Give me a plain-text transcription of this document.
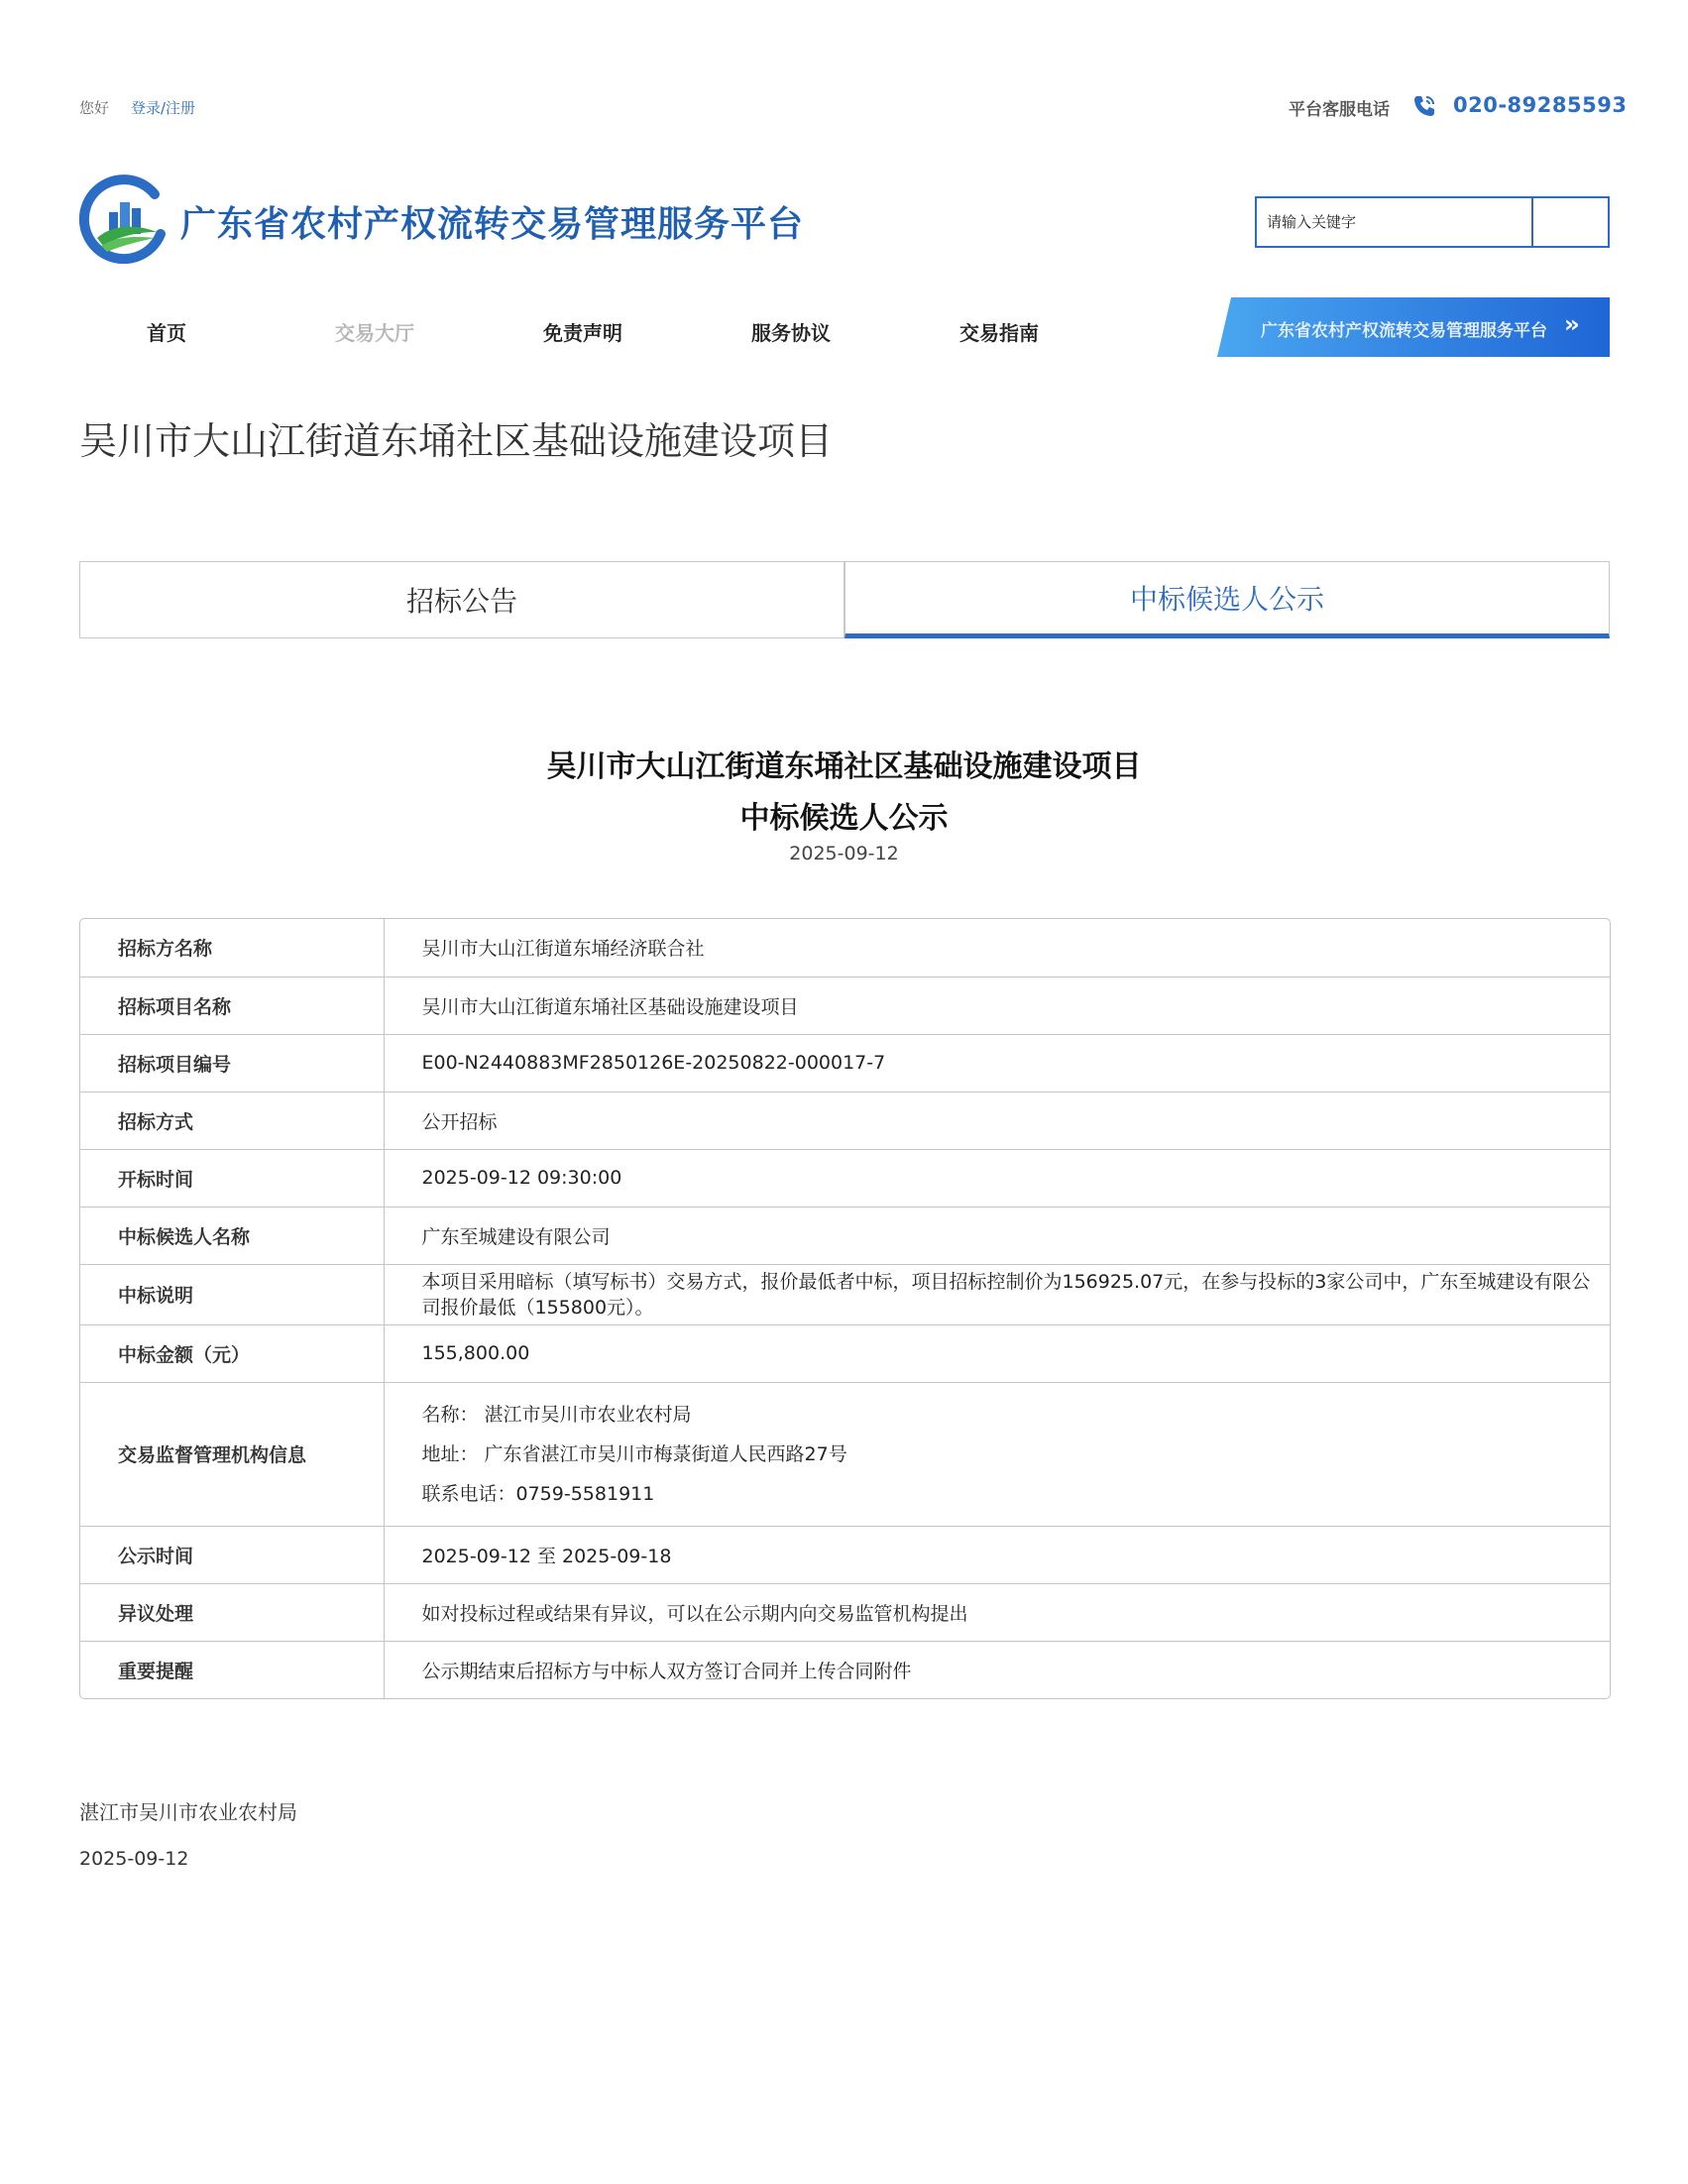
您好 登录/注册	平台客服电话	020-89285593
广东省农村产权流转交易管理服务平台
请输入关键字
首页	交易大厅	免责声明	服务协议	交易指南	广东省农村产权流转交易管理服务平台 ››
吴川市大山江街道东埇社区基础设施建设项目
招标公告	中标候选人公示
吴川市大山江街道东埇社区基础设施建设项目
中标候选人公示
2025-09-12
招标方名称	吴川市大山江街道东埇经济联合社
招标项目名称	吴川市大山江街道东埇社区基础设施建设项目
招标项目编号	E00-N2440883MF2850126E-20250822-000017-7
招标方式	公开招标
开标时间	2025-09-12 09:30:00
中标候选人名称	广东至城建设有限公司
中标说明	本项目采用暗标（填写标书）交易方式，报价最低者中标，项目招标控制价为156925.07元，在参与投标的3家公司中，广东至城建设有限公司报价最低（155800元）。
中标金额（元）	155,800.00
交易监督管理机构信息	名称： 湛江市吴川市农业农村局
地址： 广东省湛江市吴川市梅菉街道人民西路27号
联系电话：0759-5581911

公示时间	2025-09-12 至 2025-09-18
异议处理	如对投标过程或结果有异议，可以在公示期内向交易监管机构提出
重要提醒	公示期结束后招标方与中标人双方签订合同并上传合同附件
湛江市吴川市农业农村局
2025-09-12
